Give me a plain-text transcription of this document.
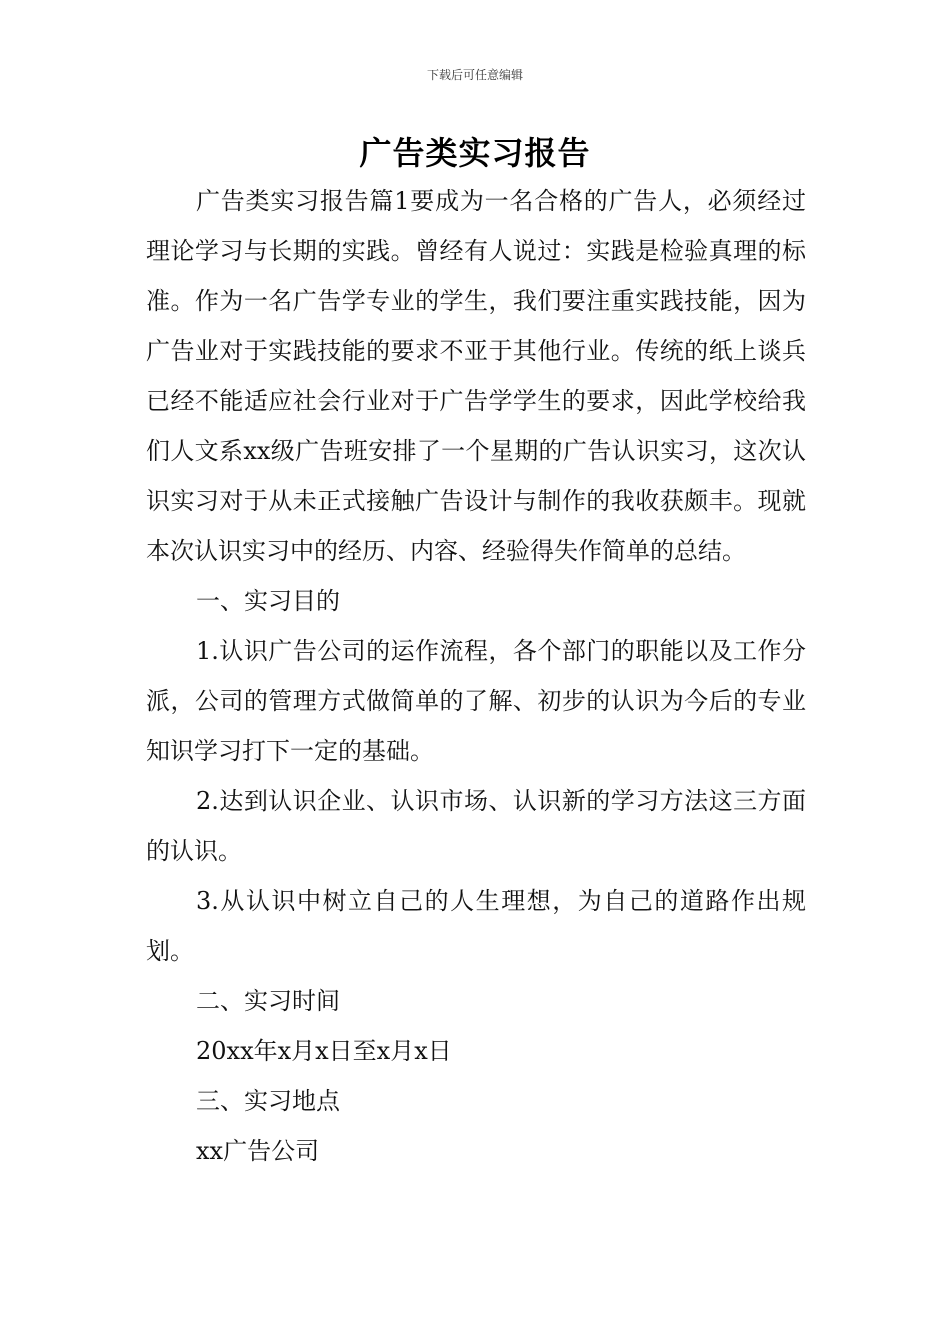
下载后可任意编辑
广告类实习报告

广告类实习报告篇1要成为一名合格的广告人，必须经过理论学习与长期的实践。曾经有人说过：实践是检验真理的标准。作为一名广告学专业的学生，我们要注重实践技能，因为广告业对于实践技能的要求不亚于其他行业。传统的纸上谈兵已经不能适应社会行业对于广告学学生的要求，因此学校给我们人文系xx级广告班安排了一个星期的广告认识实习，这次认识实习对于从未正式接触广告设计与制作的我收获颇丰。现就本次认识实习中的经历、内容、经验得失作简单的总结。

一、实习目的

1.认识广告公司的运作流程，各个部门的职能以及工作分派，公司的管理方式做简单的了解、初步的认识为今后的专业知识学习打下一定的基础。

2.达到认识企业、认识市场、认识新的学习方法这三方面的认识。

3.从认识中树立自己的人生理想，为自己的道路作出规划。

二、实习时间

20xx年x月x日至x月x日

三、实习地点

xx广告公司
